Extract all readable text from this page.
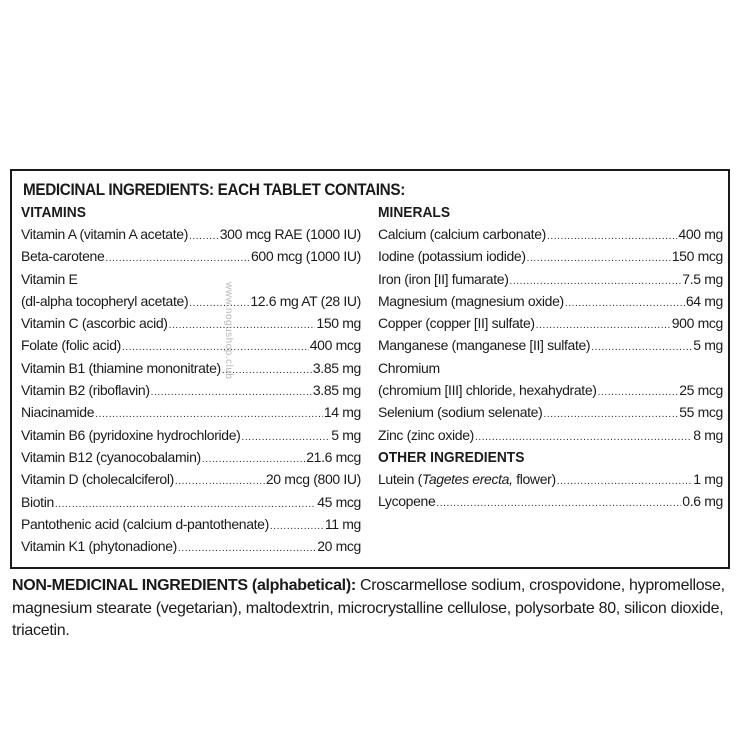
MEDICINAL INGREDIENTS: EACH TABLET CONTAINS:
VITAMINS
Vitamin A (vitamin A acetate) ..... 300 mcg RAE (1000 IU)
Beta-carotene .....	600 mcg (1000 IU)
Vitamin E
(dl-alpha tocopheryl acetate) .....	12.6 mg AT (28 IU)
Vitamin C (ascorbic acid) .....	150 mg
Folate (folic acid) .....	400 mcg
Vitamin B1 (thiamine mononitrate) .....	3.85 mg
Vitamin B2 (riboflavin) .....	3.85 mg
Niacinamide .....	14 mg
Vitamin B6 (pyridoxine hydrochloride) .....	5 mg
Vitamin B12 (cyanocobalamin) .....	21.6 mcg
Vitamin D (cholecalciferol) .....	20 mcg (800 IU)
Biotin .....	45 mcg
Pantothenic acid (calcium d-pantothenate) .....	11 mg
Vitamin K1 (phytonadione) .....	20 mcg
MINERALS
Calcium (calcium carbonate) .....	400 mg
Iodine (potassium iodide) .....	150 mcg
Iron (iron [II] fumarate) .....	7.5 mg
Magnesium (magnesium oxide) .....	64 mg
Copper (copper [II] sulfate) .....	900 mcg
Manganese (manganese [II] sulfate) .....	5 mg
Chromium
(chromium [III] chloride, hexahydrate) .....	25 mcg
Selenium (sodium selenate) .....	55 mcg
Zinc (zinc oxide) .....	8 mg
OTHER INGREDIENTS
Lutein (Tagetes erecta, flower) .....	1 mg
Lycopene .....	0.6 mg
www.nogushop.club
NON-MEDICINAL INGREDIENTS (alphabetical): Croscarmellose sodium, crospovidone, hypromellose, magnesium stearate (vegetarian), maltodextrin, microcrystalline cellulose, polysorbate 80, silicon dioxide, triacetin.
